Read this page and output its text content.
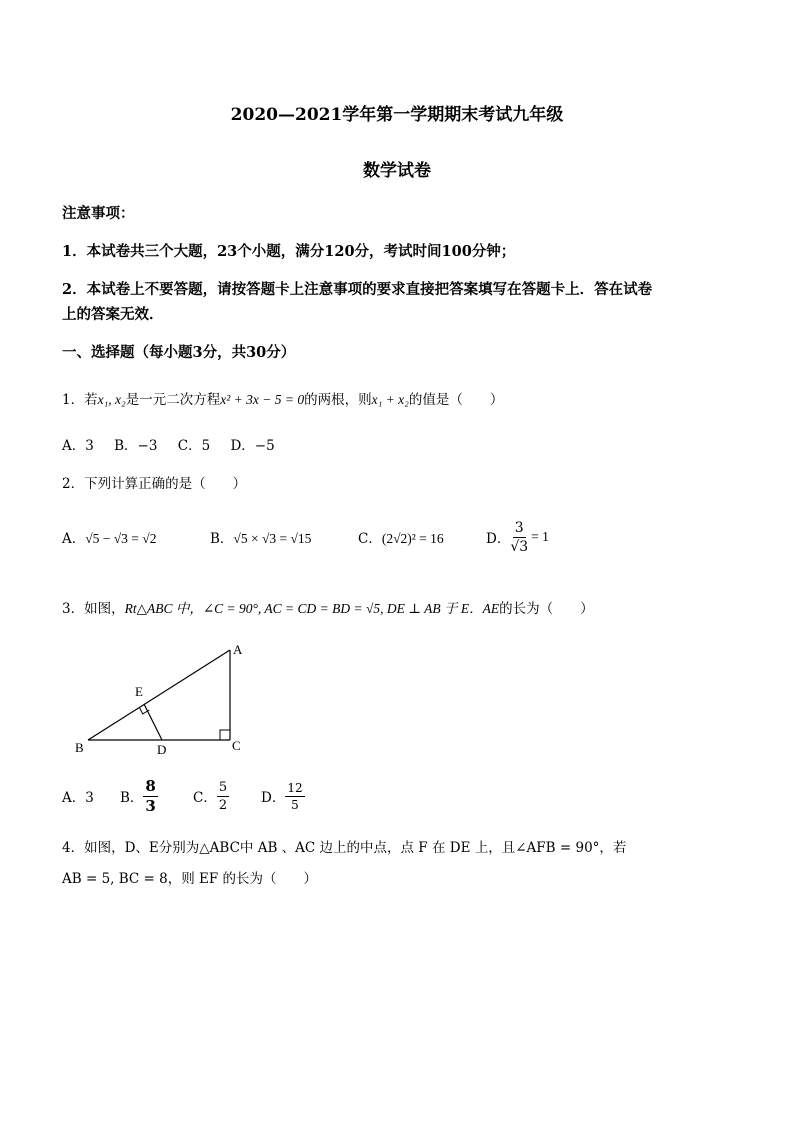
2020—2021学年第一学期期末考试九年级
数学试卷
注意事项：
1．本试卷共三个大题，23个小题，满分120分，考试时间100分钟；
2．本试卷上不要答题，请按答题卡上注意事项的要求直接把答案填写在答题卡上．答在试卷
上的答案无效．
一、选择题（每小题3分，共30分）
1．若x₁, x₂是一元二次方程x² + 3x − 5 = 0的两根，则x₁ + x₂的值是（　　）
A．3 B．−3 C．5 D．−5
2．下列计算正确的是（　　）
A．√5 − √3 = √2	B．√5 × √3 = √15	C．(2√2)² = 16	D． $\frac{3}{√3} = 1$
3．如图，Rt△ABC 中，∠C = 90°, AC = CD = BD = √5, DE ⊥ AB 于 E．AE的长为（　　）
A
B	C
D
E
A．3	B． $\frac{8}{3}$	C． $\frac{5}{2}$ D． $\frac{12}{5}$
4．如图，D、E分别为△ABC中 AB 、AC 边上的中点，点 F 在 DE 上，且∠AFB = 90°，若
AB = 5, BC = 8，则 EF 的长为（　　）
